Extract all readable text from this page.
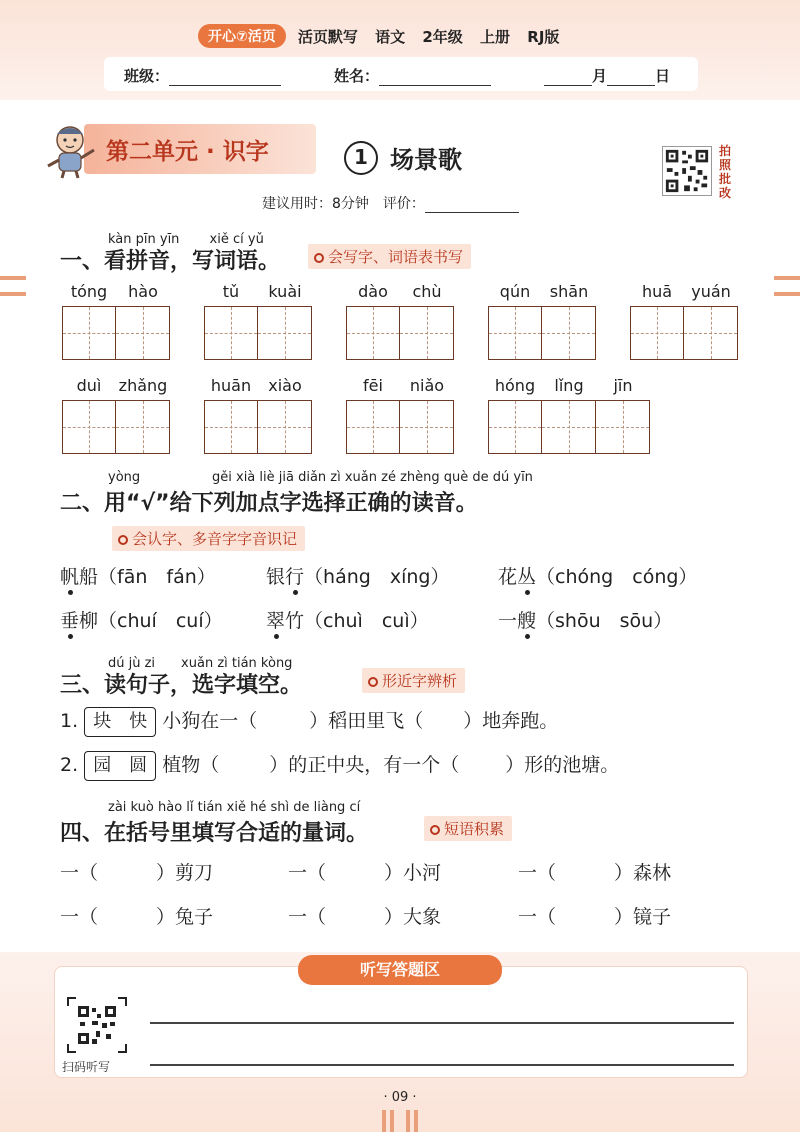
开心⑦活页	活页默写 语文 2年级 上册 RJ版
班级：	姓名：	月	日
第二单元 · 识字	1 场景歌	拍照批改
建议用时：8分钟　评价：
kàn pīn yīn　　 xiě cí yǔ
一、看拼音，写词语。	会写字、词语表书写
tóng	hào	tǔ	kuài	dào	chù	qún	shān	huā	yuán
duì	zhǎng	huān	xiào	fēi	niǎo	hóng	lǐng	jīn
yòng	gěi xià liè jiā diǎn zì xuǎn zé zhèng què de dú yīn
二、用“√”给下列加点字选择正确的读音。
会认字、多音字字音识记
帆船（fān　fán）	银行（háng　xíng）	花丛（chóng　cóng）
垂柳（chuí　cuí） 翠竹（chuì　cuì）	一艘（shōu　sōu）
dú jù zi　　xuǎn zì tián kòng
三、读句子，选字填空。	形近字辨析
1. 块　快 小狗在一（	）稻田里飞（ ）地奔跑。
2. 园　圆 植物（	）的正中央，有一个（ ）形的池塘。
zài kuò hào lǐ tián xiě hé shì de liàng cí
四、在括号里填写合适的量词。	短语积累
一（	）剪刀	一（	）小河	一（	）森林
一（	）兔子	一（	）大象	一（	）镜子
听写答题区
扫码听写
· 09 ·
